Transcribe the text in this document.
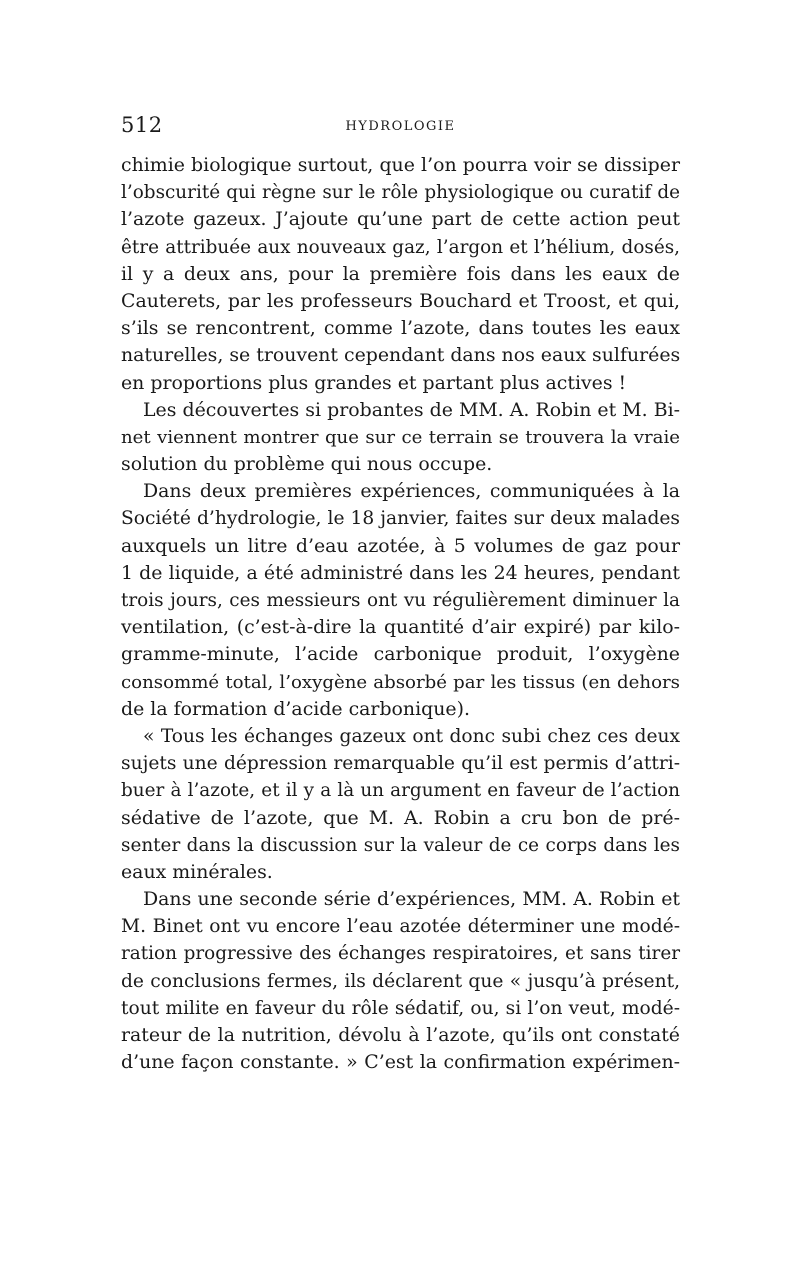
512	HYDROLOGIE
chimie biologique surtout, que l’on pourra voir se dissiper
l’obscurité qui règne sur le rôle physiologique ou curatif de
l’azote gazeux. J’ajoute qu’une part de cette action peut
être attribuée aux nouveaux gaz, l’argon et l’hélium, dosés,
il y a deux ans, pour la première fois dans les eaux de
Cauterets, par les professeurs Bouchard et Troost, et qui,
s’ils se rencontrent, comme l’azote, dans toutes les eaux
naturelles, se trouvent cependant dans nos eaux sulfurées
en proportions plus grandes et partant plus actives !
Les découvertes si probantes de MM. A. Robin et M. Bi-
net viennent montrer que sur ce terrain se trouvera la vraie
solution du problème qui nous occupe.
Dans deux premières expériences, communiquées à la
Société d’hydrologie, le 18 janvier, faites sur deux malades
auxquels un litre d’eau azotée, à 5 volumes de gaz pour
1 de liquide, a été administré dans les 24 heures, pendant
trois jours, ces messieurs ont vu régulièrement diminuer la
ventilation, (c’est-à-dire la quantité d’air expiré) par kilo-
gramme-minute, l’acide carbonique produit, l’oxygène
consommé total, l’oxygène absorbé par les tissus (en dehors
de la formation d’acide carbonique).
« Tous les échanges gazeux ont donc subi chez ces deux
sujets une dépression remarquable qu’il est permis d’attri-
buer à l’azote, et il y a là un argument en faveur de l’action
sédative de l’azote, que M. A. Robin a cru bon de pré-
senter dans la discussion sur la valeur de ce corps dans les
eaux minérales.
Dans une seconde série d’expériences, MM. A. Robin et
M. Binet ont vu encore l’eau azotée déterminer une modé-
ration progressive des échanges respiratoires, et sans tirer
de conclusions fermes, ils déclarent que « jusqu’à présent,
tout milite en faveur du rôle sédatif, ou, si l’on veut, modé-
rateur de la nutrition, dévolu à l’azote, qu’ils ont constaté
d’une façon constante. » C’est la confirmation expérimen-
